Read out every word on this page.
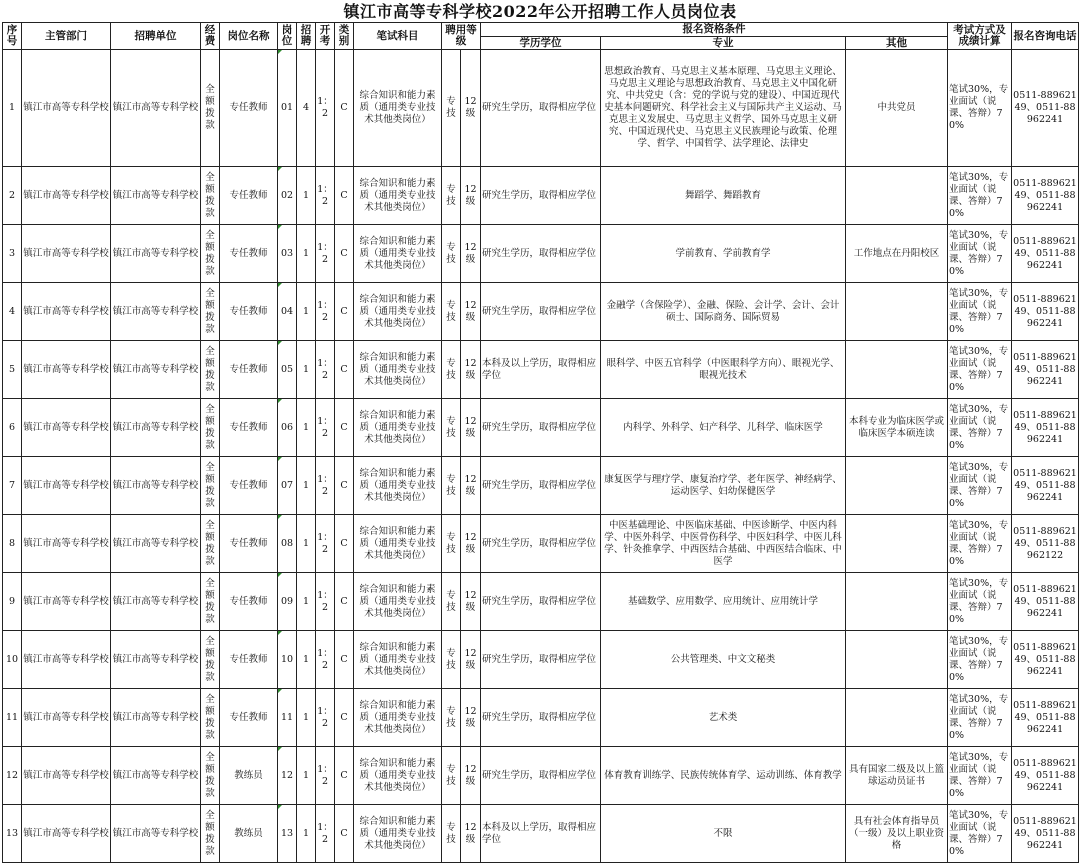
镇江市高等专科学校2022年公开招聘工作人员岗位表
序号	主管部门	招聘单位	经费	岗位名称	岗位	招聘	开考	类别	笔试科目	聘用等级		报名资格条件			考试方式及成绩计算	报名咨询电话
												学历学位	专业	其他		
1	镇江市高等专科学校	镇江市高等专科学校	全额拨款	专任教师	01	4	1：2	C	综合知识和能力素质（通用类专业技术其他类岗位）	专技	12级	研究生学历，取得相应学位	思想政治教育、马克思主义基本原理、马克思主义理论、马克思主义理论与思想政治教育、马克思主义中国化研究、中共党史（含：党的学说与党的建设）、中国近现代史基本问题研究、科学社会主义与国际共产主义运动、马克思主义发展史、马克思主义哲学、国外马克思主义研究、中国近现代史、马克思主义民族理论与政策、伦理学、哲学、中国哲学、法学理论、法律史	中共党员	笔试30%，专业面试（说课、答辩）70%	0511-88962149、0511-88962241
2	镇江市高等专科学校	镇江市高等专科学校	全额拨款	专任教师	02	1	1：2	C	综合知识和能力素质（通用类专业技术其他类岗位）	专技	12级	研究生学历，取得相应学位	舞蹈学、舞蹈教育		笔试30%，专业面试（说课、答辩）70%	0511-88962149、0511-88962241
3	镇江市高等专科学校	镇江市高等专科学校	全额拨款	专任教师	03	1	1：2	C	综合知识和能力素质（通用类专业技术其他类岗位）	专技	12级	研究生学历，取得相应学位	学前教育、学前教育学	工作地点在丹阳校区	笔试30%，专业面试（说课、答辩）70%	0511-88962149、0511-88962241
4	镇江市高等专科学校	镇江市高等专科学校	全额拨款	专任教师	04	1	1：2	C	综合知识和能力素质（通用类专业技术其他类岗位）	专技	12级	研究生学历，取得相应学位	金融学（含保险学）、金融、保险、会计学、会计、会计硕士、国际商务、国际贸易		笔试30%，专业面试（说课、答辩）70%	0511-88962149、0511-88962241
5	镇江市高等专科学校	镇江市高等专科学校	全额拨款	专任教师	05	1	1：2	C	综合知识和能力素质（通用类专业技术其他类岗位）	专技	12级	本科及以上学历，取得相应学位	眼科学、中医五官科学（中医眼科学方向）、眼视光学、眼视光技术		笔试30%，专业面试（说课、答辩）70%	0511-88962149、0511-88962241
6	镇江市高等专科学校	镇江市高等专科学校	全额拨款	专任教师	06	1	1：2	C	综合知识和能力素质（通用类专业技术其他类岗位）	专技	12级	研究生学历，取得相应学位	内科学、外科学、妇产科学、儿科学、临床医学	本科专业为临床医学或临床医学本硕连读	笔试30%，专业面试（说课、答辩）70%	0511-88962149、0511-88962241
7	镇江市高等专科学校	镇江市高等专科学校	全额拨款	专任教师	07	1	1：2	C	综合知识和能力素质（通用类专业技术其他类岗位）	专技	12级	研究生学历，取得相应学位	康复医学与理疗学、康复治疗学、老年医学、神经病学、运动医学、妇幼保健医学		笔试30%，专业面试（说课、答辩）70%	0511-88962149、0511-88962241
8	镇江市高等专科学校	镇江市高等专科学校	全额拨款	专任教师	08	1	1：2	C	综合知识和能力素质（通用类专业技术其他类岗位）	专技	12级	研究生学历，取得相应学位	中医基础理论、中医临床基础、中医诊断学、中医内科学、中医外科学、中医骨伤科学、中医妇科学、中医儿科学、针灸推拿学、中西医结合基础、中西医结合临床、中医学		笔试30%，专业面试（说课、答辩）70%	0511-88962149、0511-88962122
9	镇江市高等专科学校	镇江市高等专科学校	全额拨款	专任教师	09	1	1：2	C	综合知识和能力素质（通用类专业技术其他类岗位）	专技	12级	研究生学历，取得相应学位	基础数学、应用数学、应用统计、应用统计学		笔试30%，专业面试（说课、答辩）70%	0511-88962149、0511-88962241
10	镇江市高等专科学校	镇江市高等专科学校	全额拨款	专任教师	10	1	1：2	C	综合知识和能力素质（通用类专业技术其他类岗位）	专技	12级	研究生学历，取得相应学位	公共管理类、中文文秘类		笔试30%，专业面试（说课、答辩）70%	0511-88962149、0511-88962241
11	镇江市高等专科学校	镇江市高等专科学校	全额拨款	专任教师	11	1	1：2	C	综合知识和能力素质（通用类专业技术其他类岗位）	专技	12级	研究生学历，取得相应学位	艺术类		笔试30%，专业面试（说课、答辩）70%	0511-88962149、0511-88962241
12	镇江市高等专科学校	镇江市高等专科学校	全额拨款	教练员	12	1	1：2	C	综合知识和能力素质（通用类专业技术其他类岗位）	专技	12级	研究生学历，取得相应学位	体育教育训练学、民族传统体育学、运动训练、体育教学	具有国家二级及以上篮球运动员证书	笔试30%，专业面试（说课、答辩）70%	0511-88962149、0511-88962241
13	镇江市高等专科学校	镇江市高等专科学校	全额拨款	教练员	13	1	1：2	C	综合知识和能力素质（通用类专业技术其他类岗位）	专技	12级	本科及以上学历，取得相应学位	不限	具有社会体育指导员（一级）及以上职业资格	笔试30%，专业面试（说课、答辩）70%	0511-88962149、0511-88962241
